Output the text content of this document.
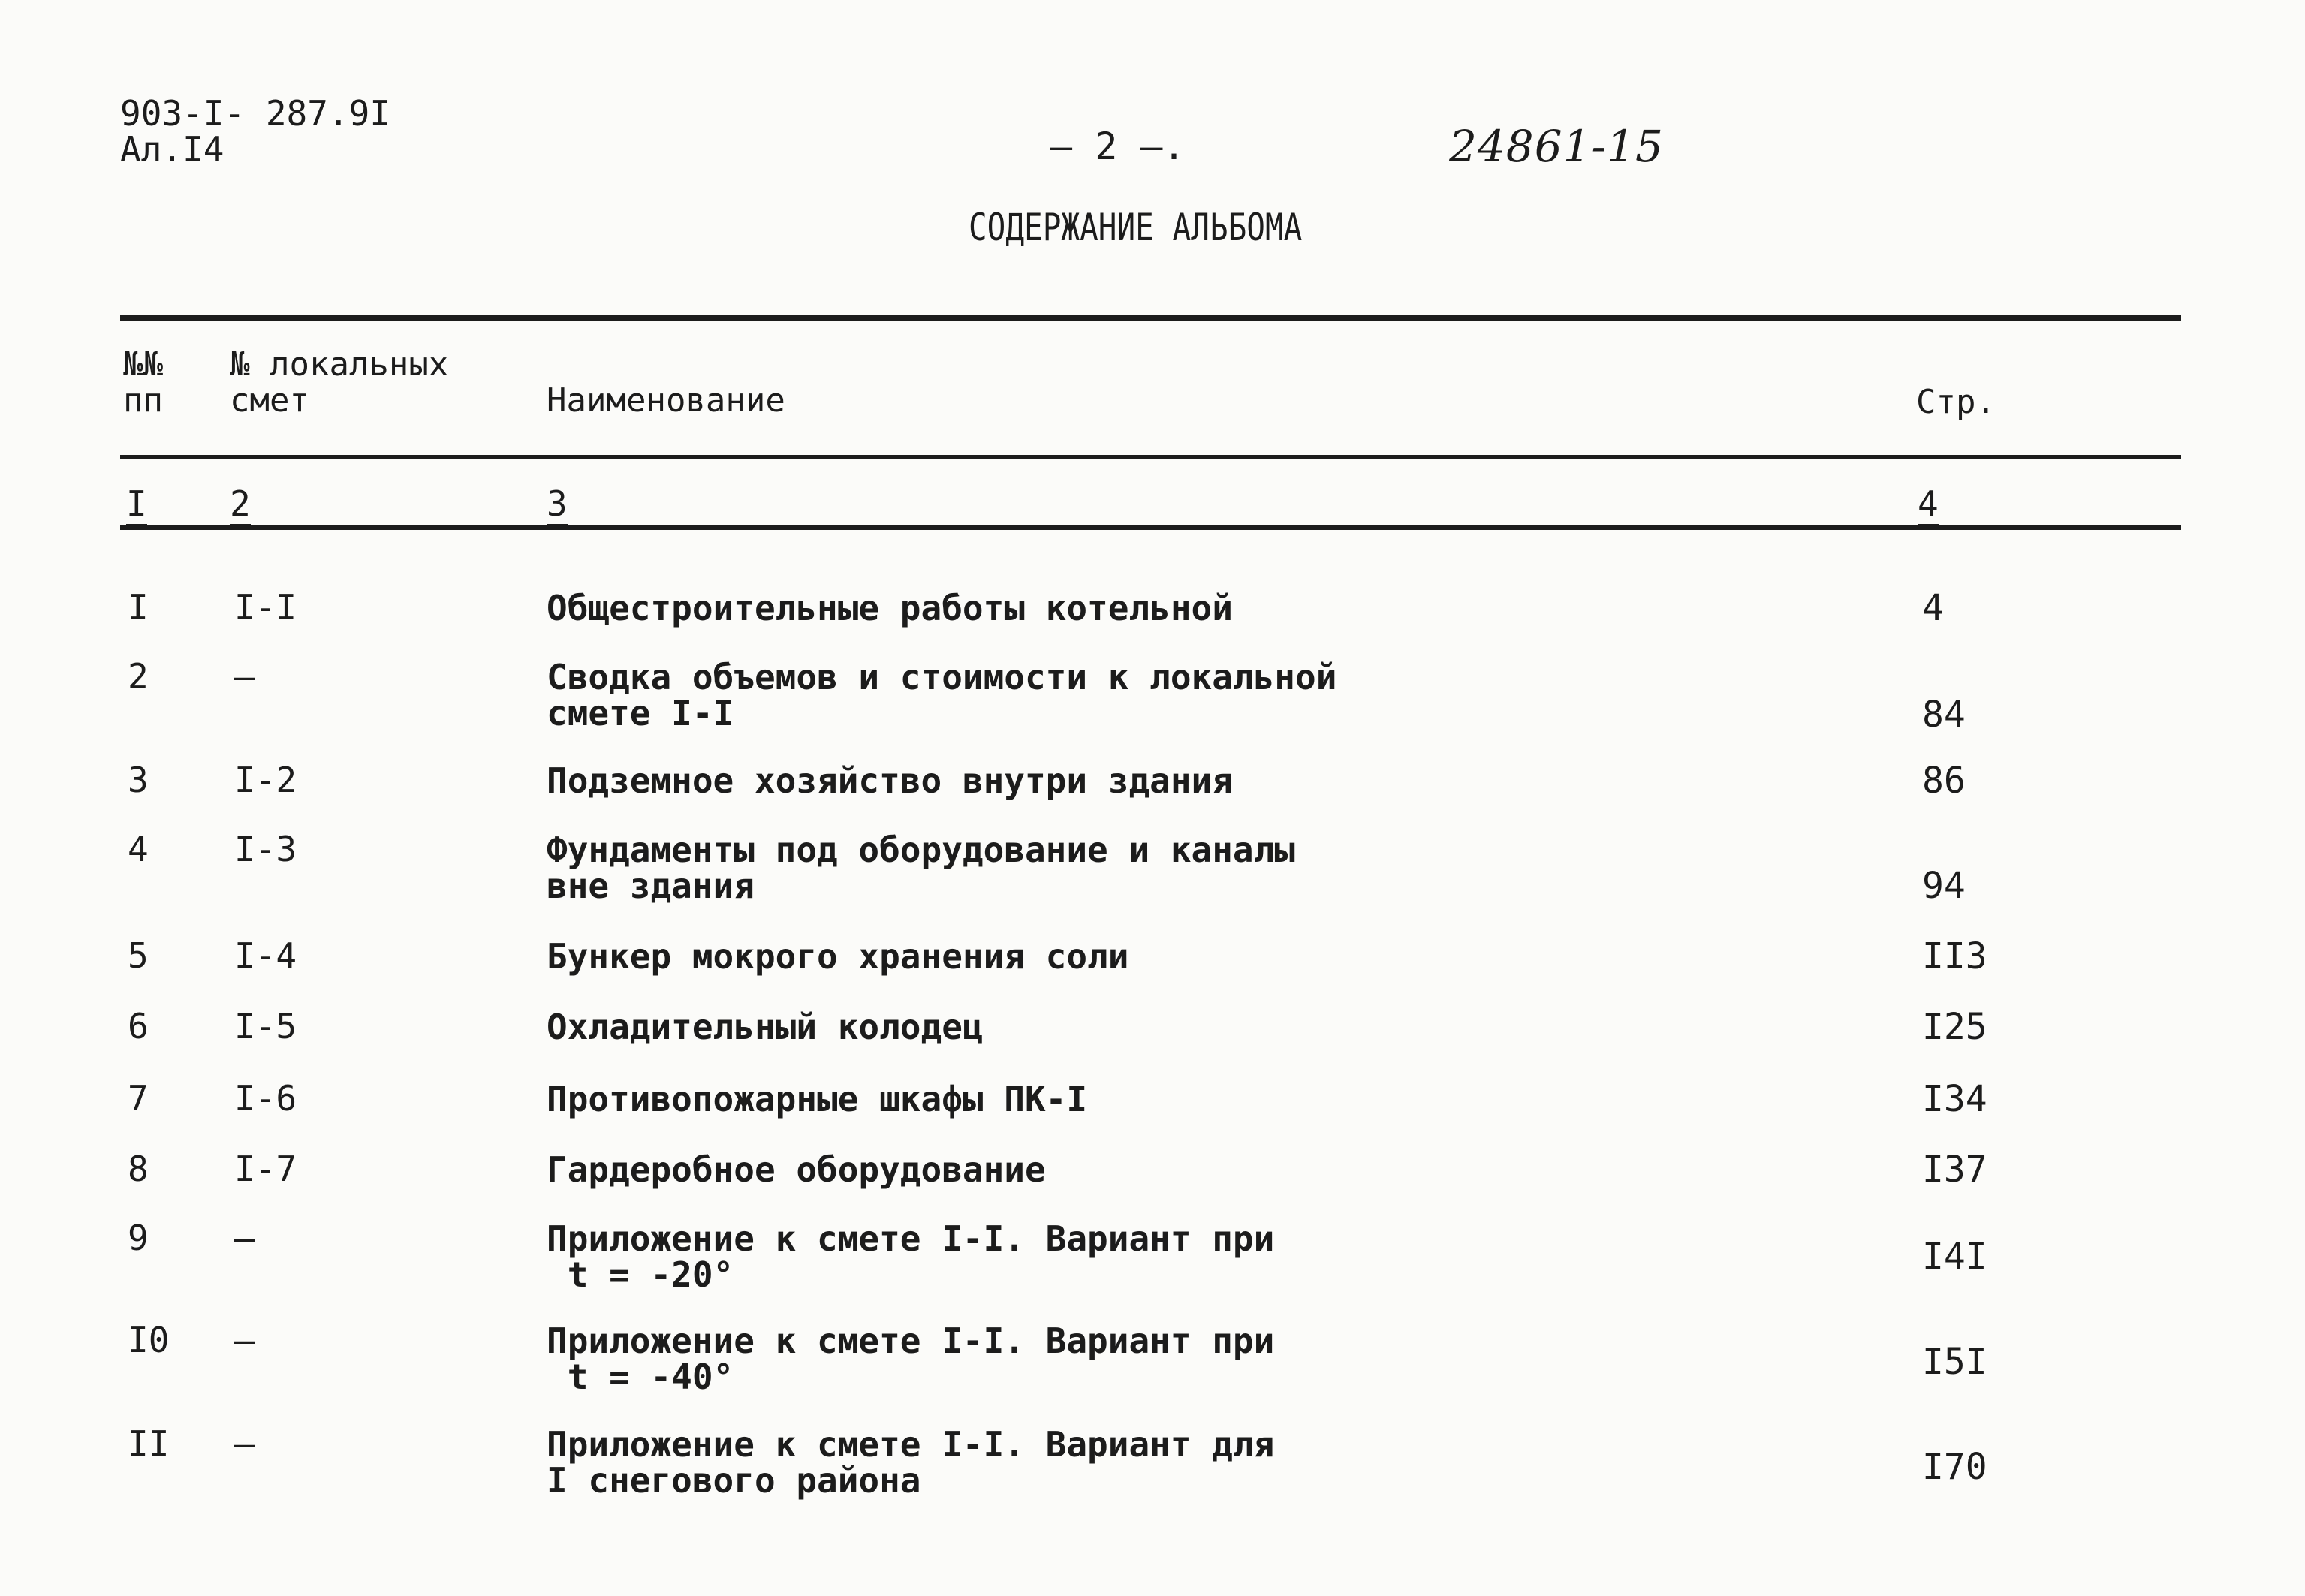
903-I- 287.9I
Ал.I4	– 2 –.	24861-15
СОДЕРЖАНИЕ АЛЬБОМА
№№
пп
№ локальных
смет	Наименование	Стр.
I 2	3	4
I I-I	Общестроительные работы котельной	4
2 –	Сводка объемов и стоимости к локальной
смете I-I	84
3 I-2	Подземное хозяйство внутри здания	86
4 I-3	Фундаменты под оборудование и каналы
вне здания	94
5 I-4	Бункер мокрого хранения соли	II3
6 I-5	Охладительный колодец	I25
7 I-6	Противопожарные шкафы ПК-I	I34
8 I-7	Гардеробное оборудование	I37
9 –	Приложение к смете I-I. Вариант при
t = -20°	I4I
I0 –	Приложение к смете I-I. Вариант при
t = -40°	I5I
II –	Приложение к смете I-I. Вариант для
I снегового района	I70
